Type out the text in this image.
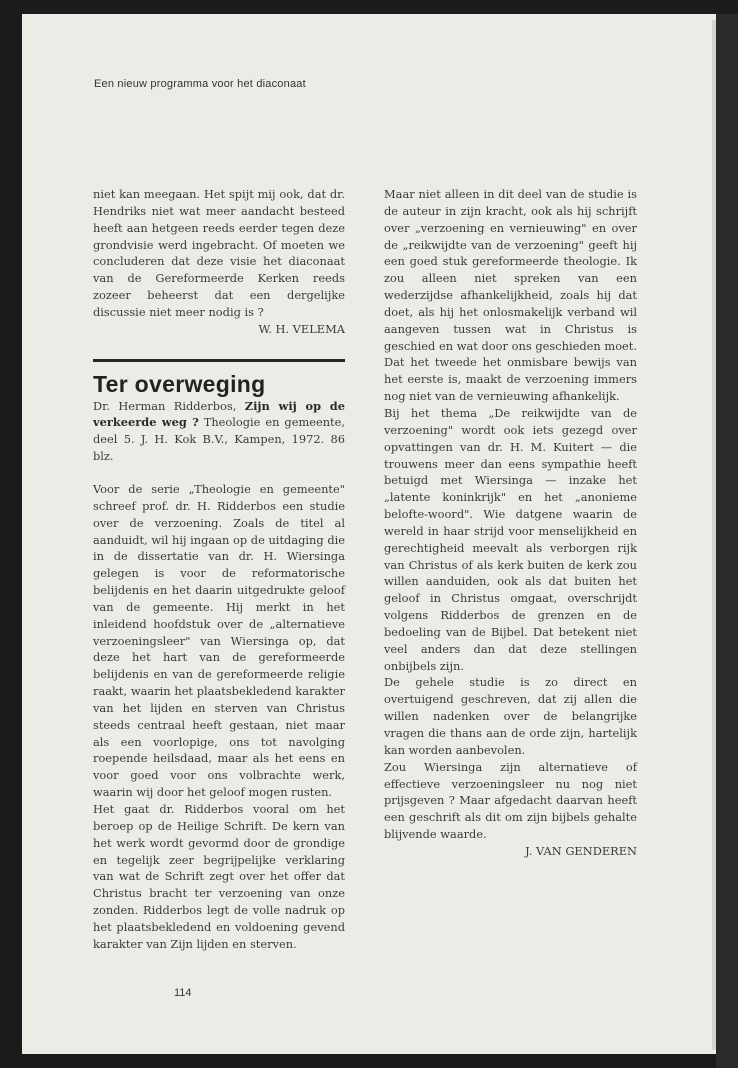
Een nieuw programma voor het diaconaat

niet kan meegaan. Het spijt mij ook, dat dr. Hendriks niet wat meer aandacht besteed heeft aan hetgeen reeds eerder tegen deze grondvisie werd ingebracht. Of moeten we concluderen dat deze visie het diaconaat van de Gereformeerde Kerken reeds zozeer beheerst dat een dergelijke discussie niet meer nodig is ?

W. H. VELEMA

Ter overweging

Dr. Herman Ridderbos, Zijn wij op de verkeerde weg ? Theologie en gemeente, deel 5. J. H. Kok B.V., Kampen, 1972. 86 blz.

Voor de serie „Theologie en gemeente" schreef prof. dr. H. Ridderbos een studie over de verzoening. Zoals de titel al aanduidt, wil hij ingaan op de uitdaging die in de dissertatie van dr. H. Wiersinga gelegen is voor de reformatorische belijdenis en het daarin uitgedrukte geloof van de gemeente. Hij merkt in het inleidend hoofdstuk over de „alternatieve verzoeningsleer" van Wiersinga op, dat deze het hart van de gereformeerde belijdenis en van de gereformeerde religie raakt, waarin het plaatsbekledend karakter van het lijden en sterven van Christus steeds centraal heeft gestaan, niet maar als een voorlopige, ons tot navolging roepende heilsdaad, maar als het eens en voor goed voor ons volbrachte werk, waarin wij door het geloof mogen rusten.

Het gaat dr. Ridderbos vooral om het beroep op de Heilige Schrift. De kern van het werk wordt gevormd door de grondige en tegelijk zeer begrijpelijke verklaring van wat de Schrift zegt over het offer dat Christus bracht ter verzoening van onze zonden. Ridderbos legt de volle nadruk op het plaatsbekledend en voldoening gevend karakter van Zijn lijden en sterven.

Maar niet alleen in dit deel van de studie is de auteur in zijn kracht, ook als hij schrijft over „verzoening en vernieuwing" en over de „reikwijdte van de verzoening" geeft hij een goed stuk gereformeerde theologie. Ik zou alleen niet spreken van een wederzijdse afhankelijkheid, zoals hij dat doet, als hij het onlosmakelijk verband wil aangeven tussen wat in Christus is geschied en wat door ons geschieden moet. Dat het tweede het onmisbare bewijs van het eerste is, maakt de verzoening immers nog niet van de vernieuwing afhankelijk.

Bij het thema „De reikwijdte van de verzoening" wordt ook iets gezegd over opvattingen van dr. H. M. Kuitert — die trouwens meer dan eens sympathie heeft betuigd met Wiersinga — inzake het „latente koninkrijk" en het „anonieme belofte-woord". Wie datgene waarin de wereld in haar strijd voor menselijkheid en gerechtigheid meevalt als verborgen rijk van Christus of als kerk buiten de kerk zou willen aanduiden, ook als dat buiten het geloof in Christus omgaat, overschrijdt volgens Ridderbos de grenzen en de bedoeling van de Bijbel. Dat betekent niet veel anders dan dat deze stellingen onbijbels zijn.

De gehele studie is zo direct en overtuigend geschreven, dat zij allen die willen nadenken over de belangrijke vragen die thans aan de orde zijn, hartelijk kan worden aanbevolen.

Zou Wiersinga zijn alternatieve of effectieve verzoeningsleer nu nog niet prijsgeven ? Maar afgedacht daarvan heeft een geschrift als dit om zijn bijbels gehalte blijvende waarde.

J. VAN GENDEREN

114
